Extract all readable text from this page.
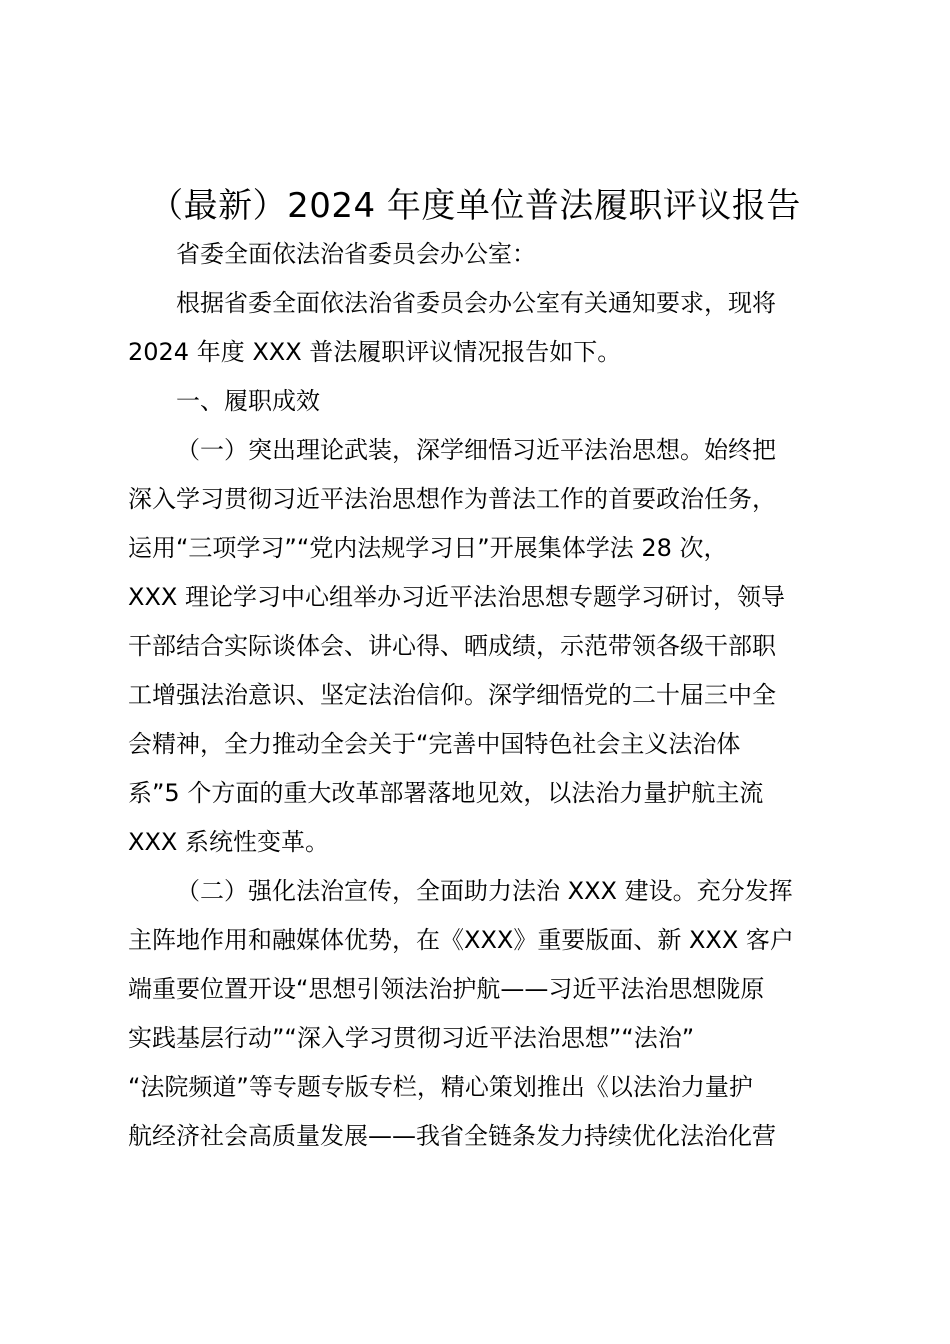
（最新）2024 年度单位普法履职评议报告

省委全面依法治省委员会办公室：

根据省委全面依法治省委员会办公室有关通知要求，现将
2024 年度 XXX 普法履职评议情况报告如下。

一、履职成效

（一）突出理论武装，深学细悟习近平法治思想。始终把
深入学习贯彻习近平法治思想作为普法工作的首要政治任务，
运用“三项学习”“党内法规学习日”开展集体学法 28 次，
XXX 理论学习中心组举办习近平法治思想专题学习研讨，领导
干部结合实际谈体会、讲心得、晒成绩，示范带领各级干部职
工增强法治意识、坚定法治信仰。深学细悟党的二十届三中全
会精神，全力推动全会关于“完善中国特色社会主义法治体
系”5 个方面的重大改革部署落地见效，以法治力量护航主流
XXX 系统性变革。

（二）强化法治宣传，全面助力法治 XXX 建设。充分发挥
主阵地作用和融媒体优势，在《XXX》重要版面、新 XXX 客户
端重要位置开设“思想引领法治护航——习近平法治思想陇原
实践基层行动”“深入学习贯彻习近平法治思想”“法治”
“法院频道”等专题专版专栏，精心策划推出《以法治力量护
航经济社会高质量发展——我省全链条发力持续优化法治化营
